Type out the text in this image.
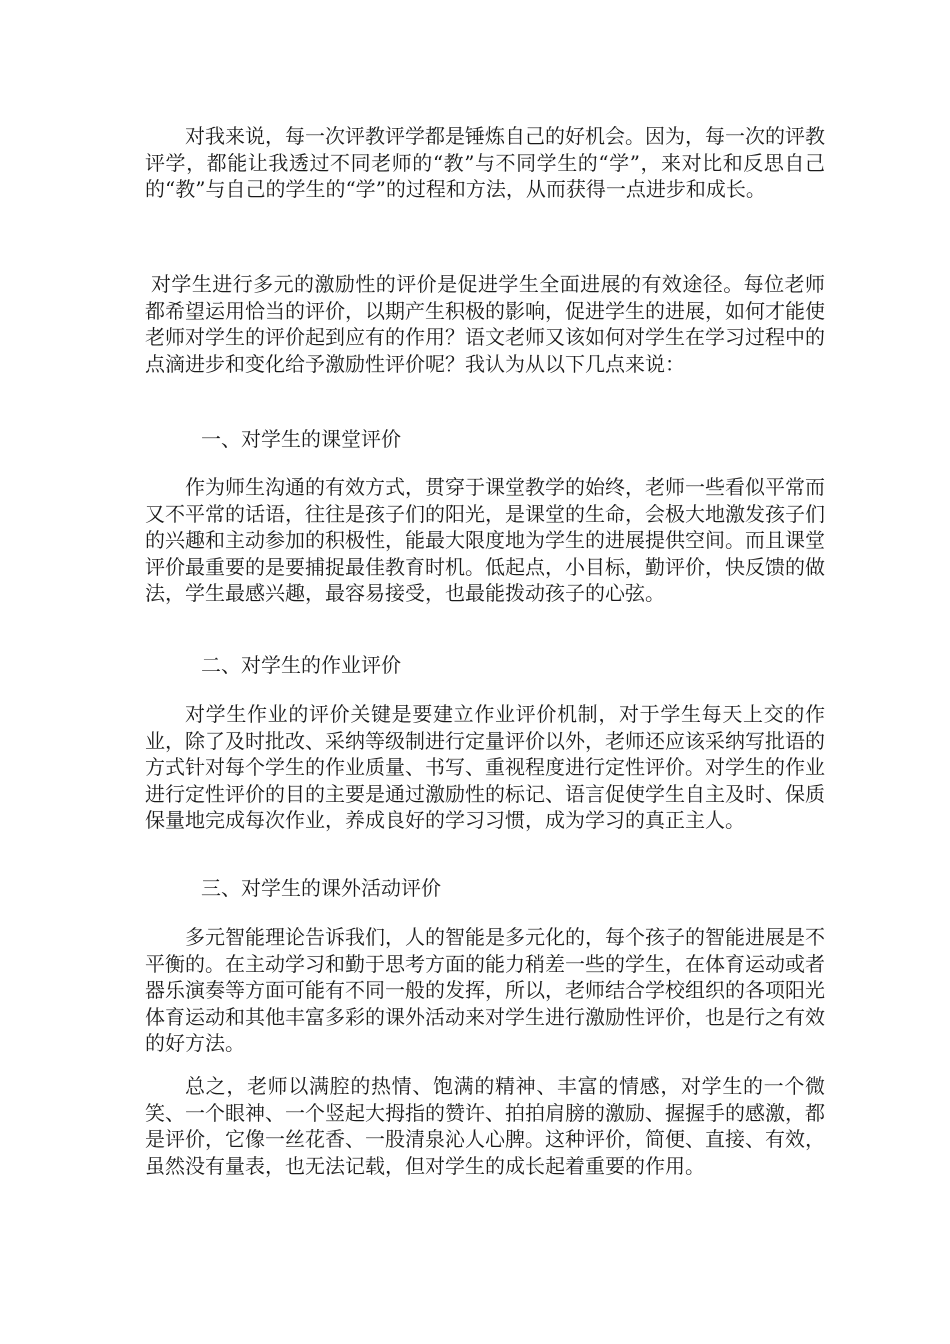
对我来说，每一次评教评学都是锤炼自己的好机会。因为，每一次的评教评学，都能让我透过不同老师的“教”与不同学生的“学”，来对比和反思自己的“教”与自己的学生的“学”的过程和方法，从而获得一点进步和成长。

对学生进行多元的激励性的评价是促进学生全面进展的有效途径。每位老师都希望运用恰当的评价，以期产生积极的影响，促进学生的进展，如何才能使老师对学生的评价起到应有的作用？语文老师又该如何对学生在学习过程中的点滴进步和变化给予激励性评价呢？我认为从以下几点来说：

一、对学生的课堂评价

作为师生沟通的有效方式，贯穿于课堂教学的始终，老师一些看似平常而又不平常的话语，往往是孩子们的阳光，是课堂的生命，会极大地激发孩子们的兴趣和主动参加的积极性，能最大限度地为学生的进展提供空间。而且课堂评价最重要的是要捕捉最佳教育时机。低起点，小目标，勤评价，快反馈的做法，学生最感兴趣，最容易接受，也最能拨动孩子的心弦。

二、对学生的作业评价

对学生作业的评价关键是要建立作业评价机制，对于学生每天上交的作业，除了及时批改、采纳等级制进行定量评价以外，老师还应该采纳写批语的方式针对每个学生的作业质量、书写、重视程度进行定性评价。对学生的作业进行定性评价的目的主要是通过激励性的标记、语言促使学生自主及时、保质保量地完成每次作业，养成良好的学习习惯，成为学习的真正主人。

三、对学生的课外活动评价

多元智能理论告诉我们，人的智能是多元化的，每个孩子的智能进展是不平衡的。在主动学习和勤于思考方面的能力稍差一些的学生，在体育运动或者器乐演奏等方面可能有不同一般的发挥，所以，老师结合学校组织的各项阳光体育运动和其他丰富多彩的课外活动来对学生进行激励性评价，也是行之有效的好方法。

总之，老师以满腔的热情、饱满的精神、丰富的情感，对学生的一个微笑、一个眼神、一个竖起大拇指的赞许、拍拍肩膀的激励、握握手的感激，都是评价，它像一丝花香、一股清泉沁人心脾。这种评价，简便、直接、有效，虽然没有量表，也无法记载，但对学生的成长起着重要的作用。
